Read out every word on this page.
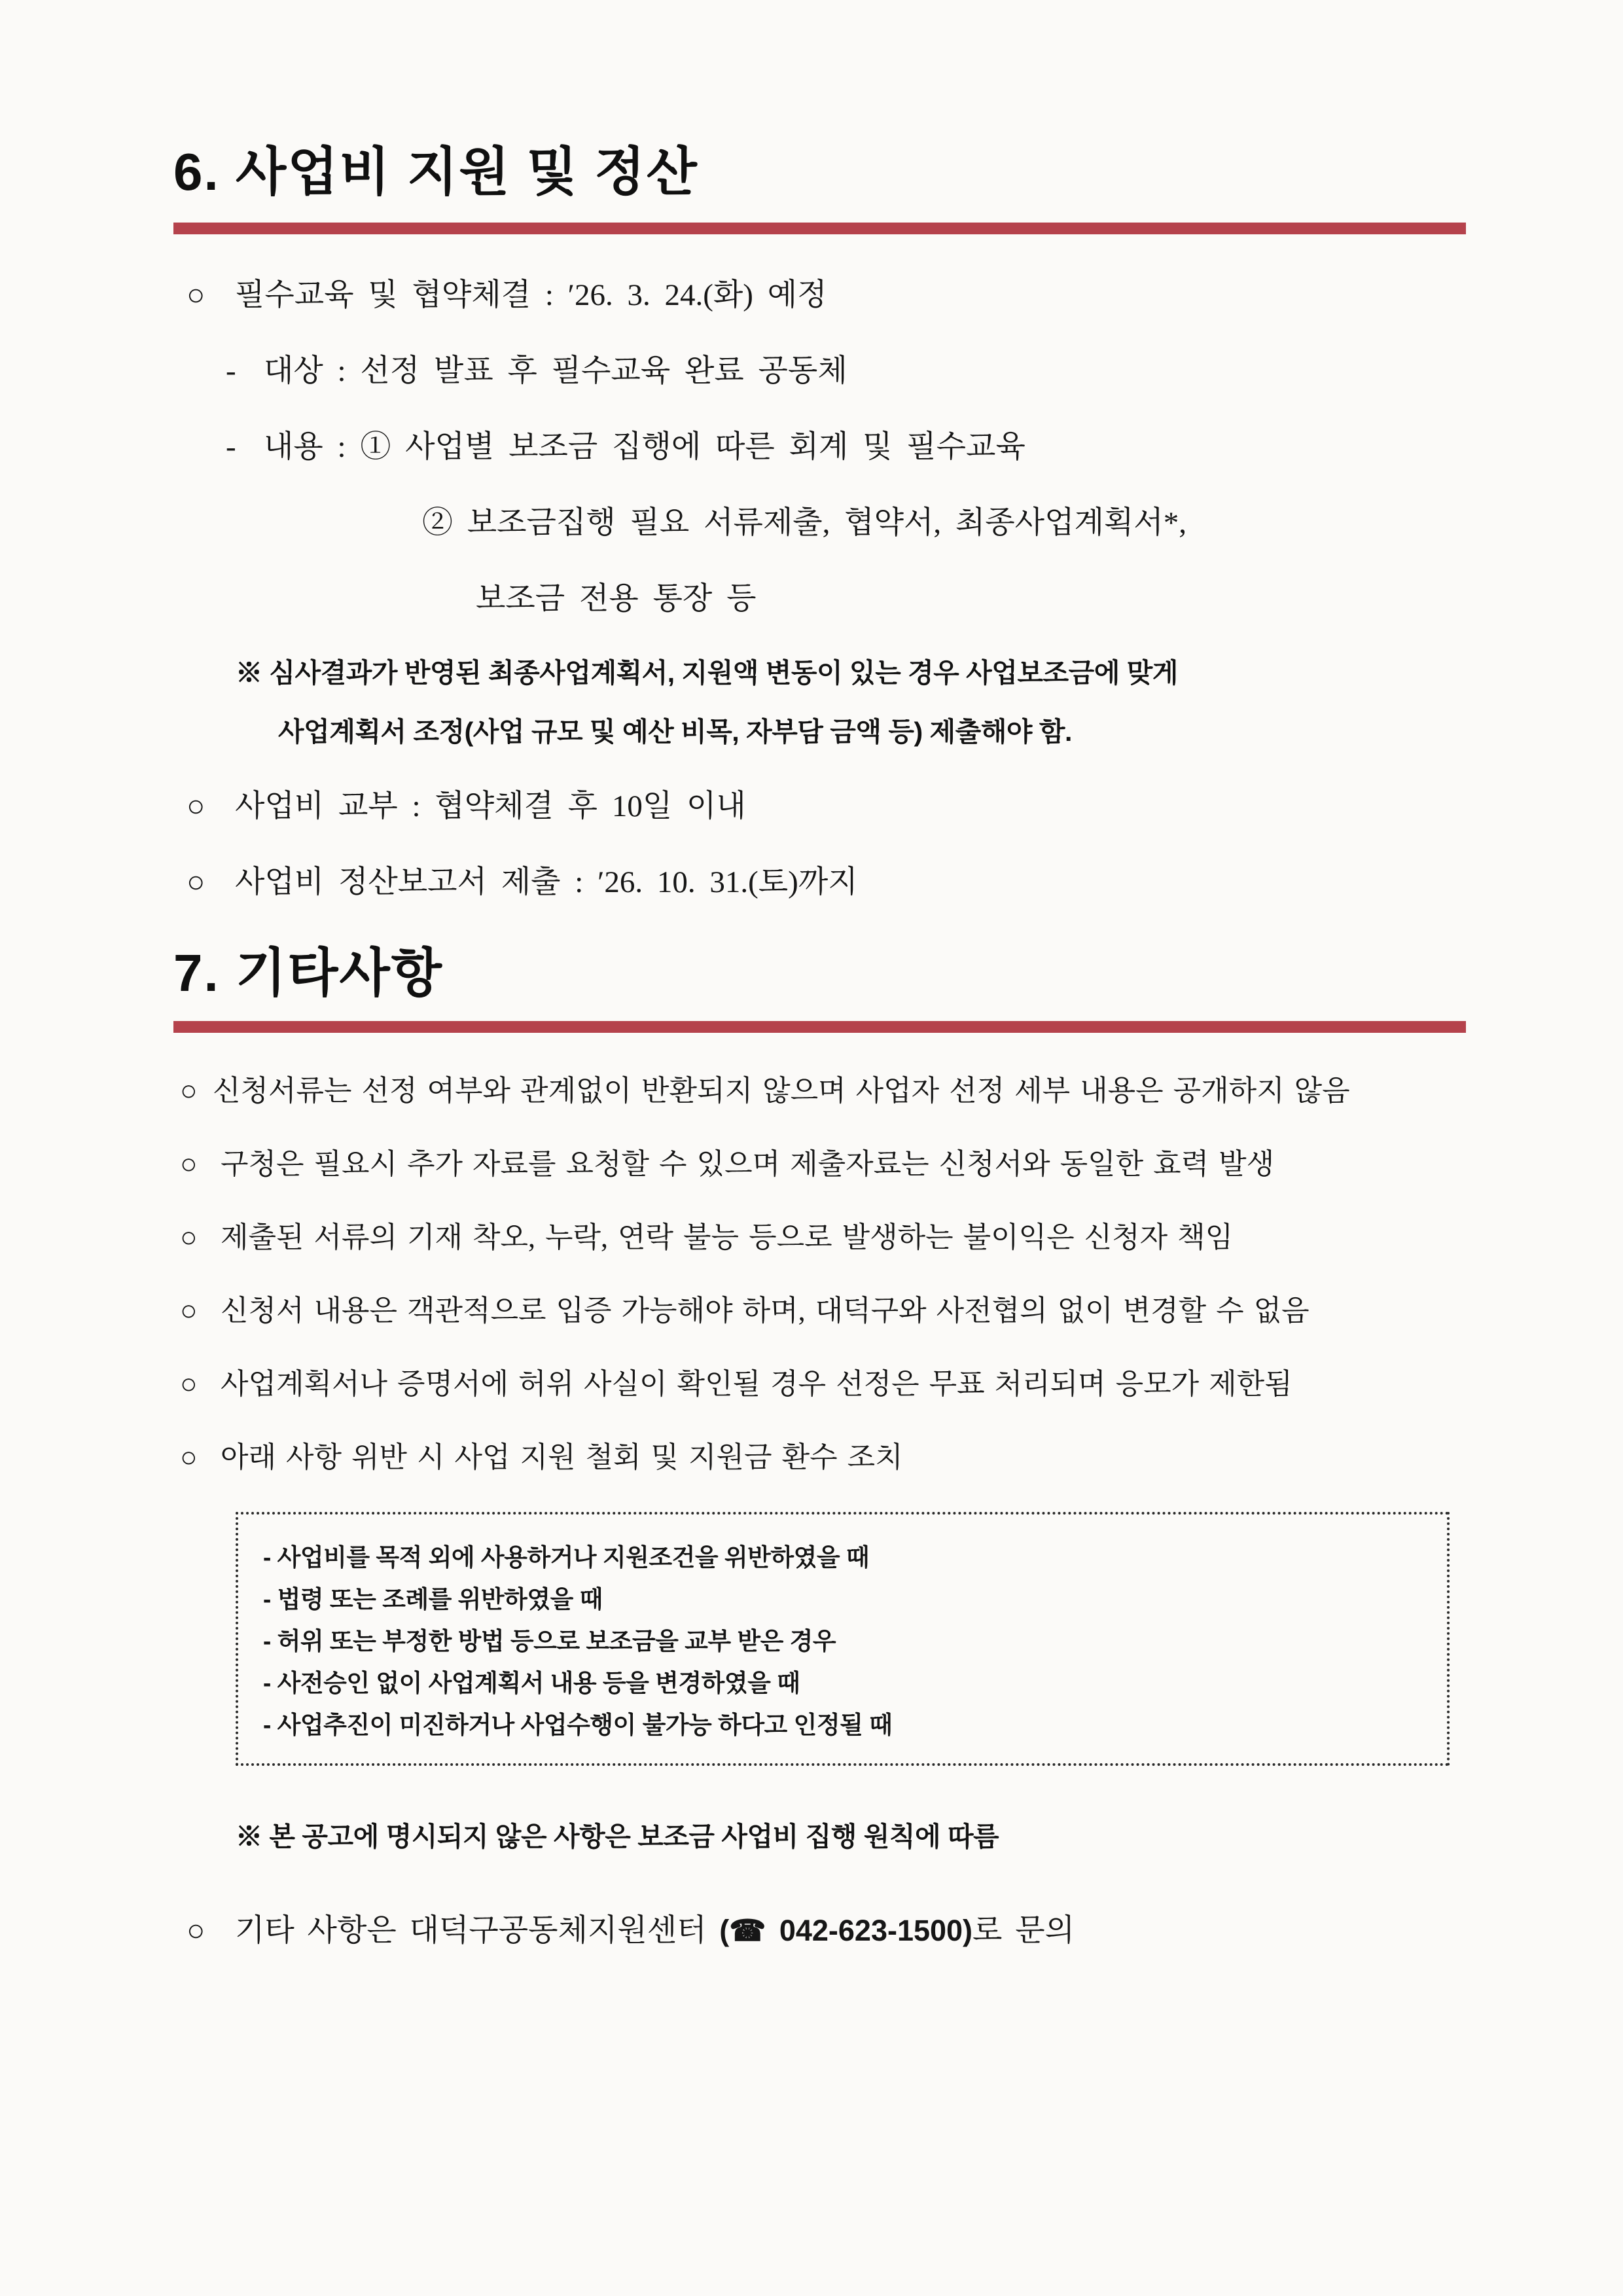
6. 사업비 지원 및 정산
○ 필수교육 및 협약체결 : ′26. 3. 24.(화) 예정
- 대상 : 선정 발표 후 필수교육 완료 공동체
- 내용 : ① 사업별 보조금 집행에 따른 회계 및 필수교육
② 보조금집행 필요 서류제출, 협약서, 최종사업계획서*,
보조금 전용 통장 등
※ 심사결과가 반영된 최종사업계획서, 지원액 변동이 있는 경우 사업보조금에 맞게
사업계획서 조정(사업 규모 및 예산 비목, 자부담 금액 등) 제출해야 함.
○ 사업비 교부 : 협약체결 후 10일 이내
○ 사업비 정산보고서 제출 : ′26. 10. 31.(토)까지
7. 기타사항
○ 신청서류는 선정 여부와 관계없이 반환되지 않으며 사업자 선정 세부 내용은 공개하지 않음
○ 구청은 필요시 추가 자료를 요청할 수 있으며 제출자료는 신청서와 동일한 효력 발생
○ 제출된 서류의 기재 착오, 누락, 연락 불능 등으로 발생하는 불이익은 신청자 책임
○ 신청서 내용은 객관적으로 입증 가능해야 하며, 대덕구와 사전협의 없이 변경할 수 없음
○ 사업계획서나 증명서에 허위 사실이 확인될 경우 선정은 무표 처리되며 응모가 제한됨
○ 아래 사항 위반 시 사업 지원 철회 및 지원금 환수 조치
- 사업비를 목적 외에 사용하거나 지원조건을 위반하였을 때
- 법령 또는 조례를 위반하였을 때
- 허위 또는 부정한 방법 등으로 보조금을 교부 받은 경우
- 사전승인 없이 사업계획서 내용 등을 변경하였을 때
- 사업추진이 미진하거나 사업수행이 불가능 하다고 인정될 때
※ 본 공고에 명시되지 않은 사항은 보조금 사업비 집행 원칙에 따름
○ 기타 사항은 대덕구공동체지원센터 (☎ 042-623-1500)로 문의
